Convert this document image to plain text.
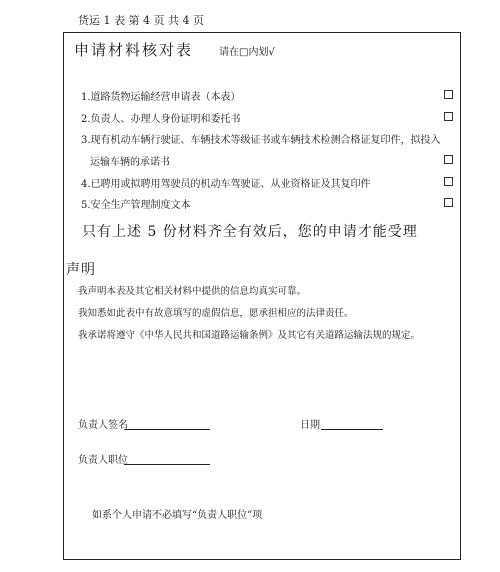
货运 1 表 第 4 页 共 4 页
申请材料核对表	请在□内划√
1.道路货物运输经营申请表（本表）
2.负责人、办理人身份证明和委托书
3.现有机动车辆行驶证、车辆技术等级证书或车辆技术检测合格证复印件，拟投入
运输车辆的承诺书
4.已聘用或拟聘用驾驶员的机动车驾驶证、从业资格证及其复印件
5.安全生产管理制度文本
只有上述 5 份材料齐全有效后，您的申请才能受理
声明
我声明本表及其它相关材料中提供的信息均真实可靠。
我知悉如此表中有故意填写的虚假信息，愿承担相应的法律责任。
我承诺将遵守《中华人民共和国道路运输条例》及其它有关道路运输法规的规定。
负责人签名	日期
负责人职位
如系个人申请不必填写“负责人职位”项
